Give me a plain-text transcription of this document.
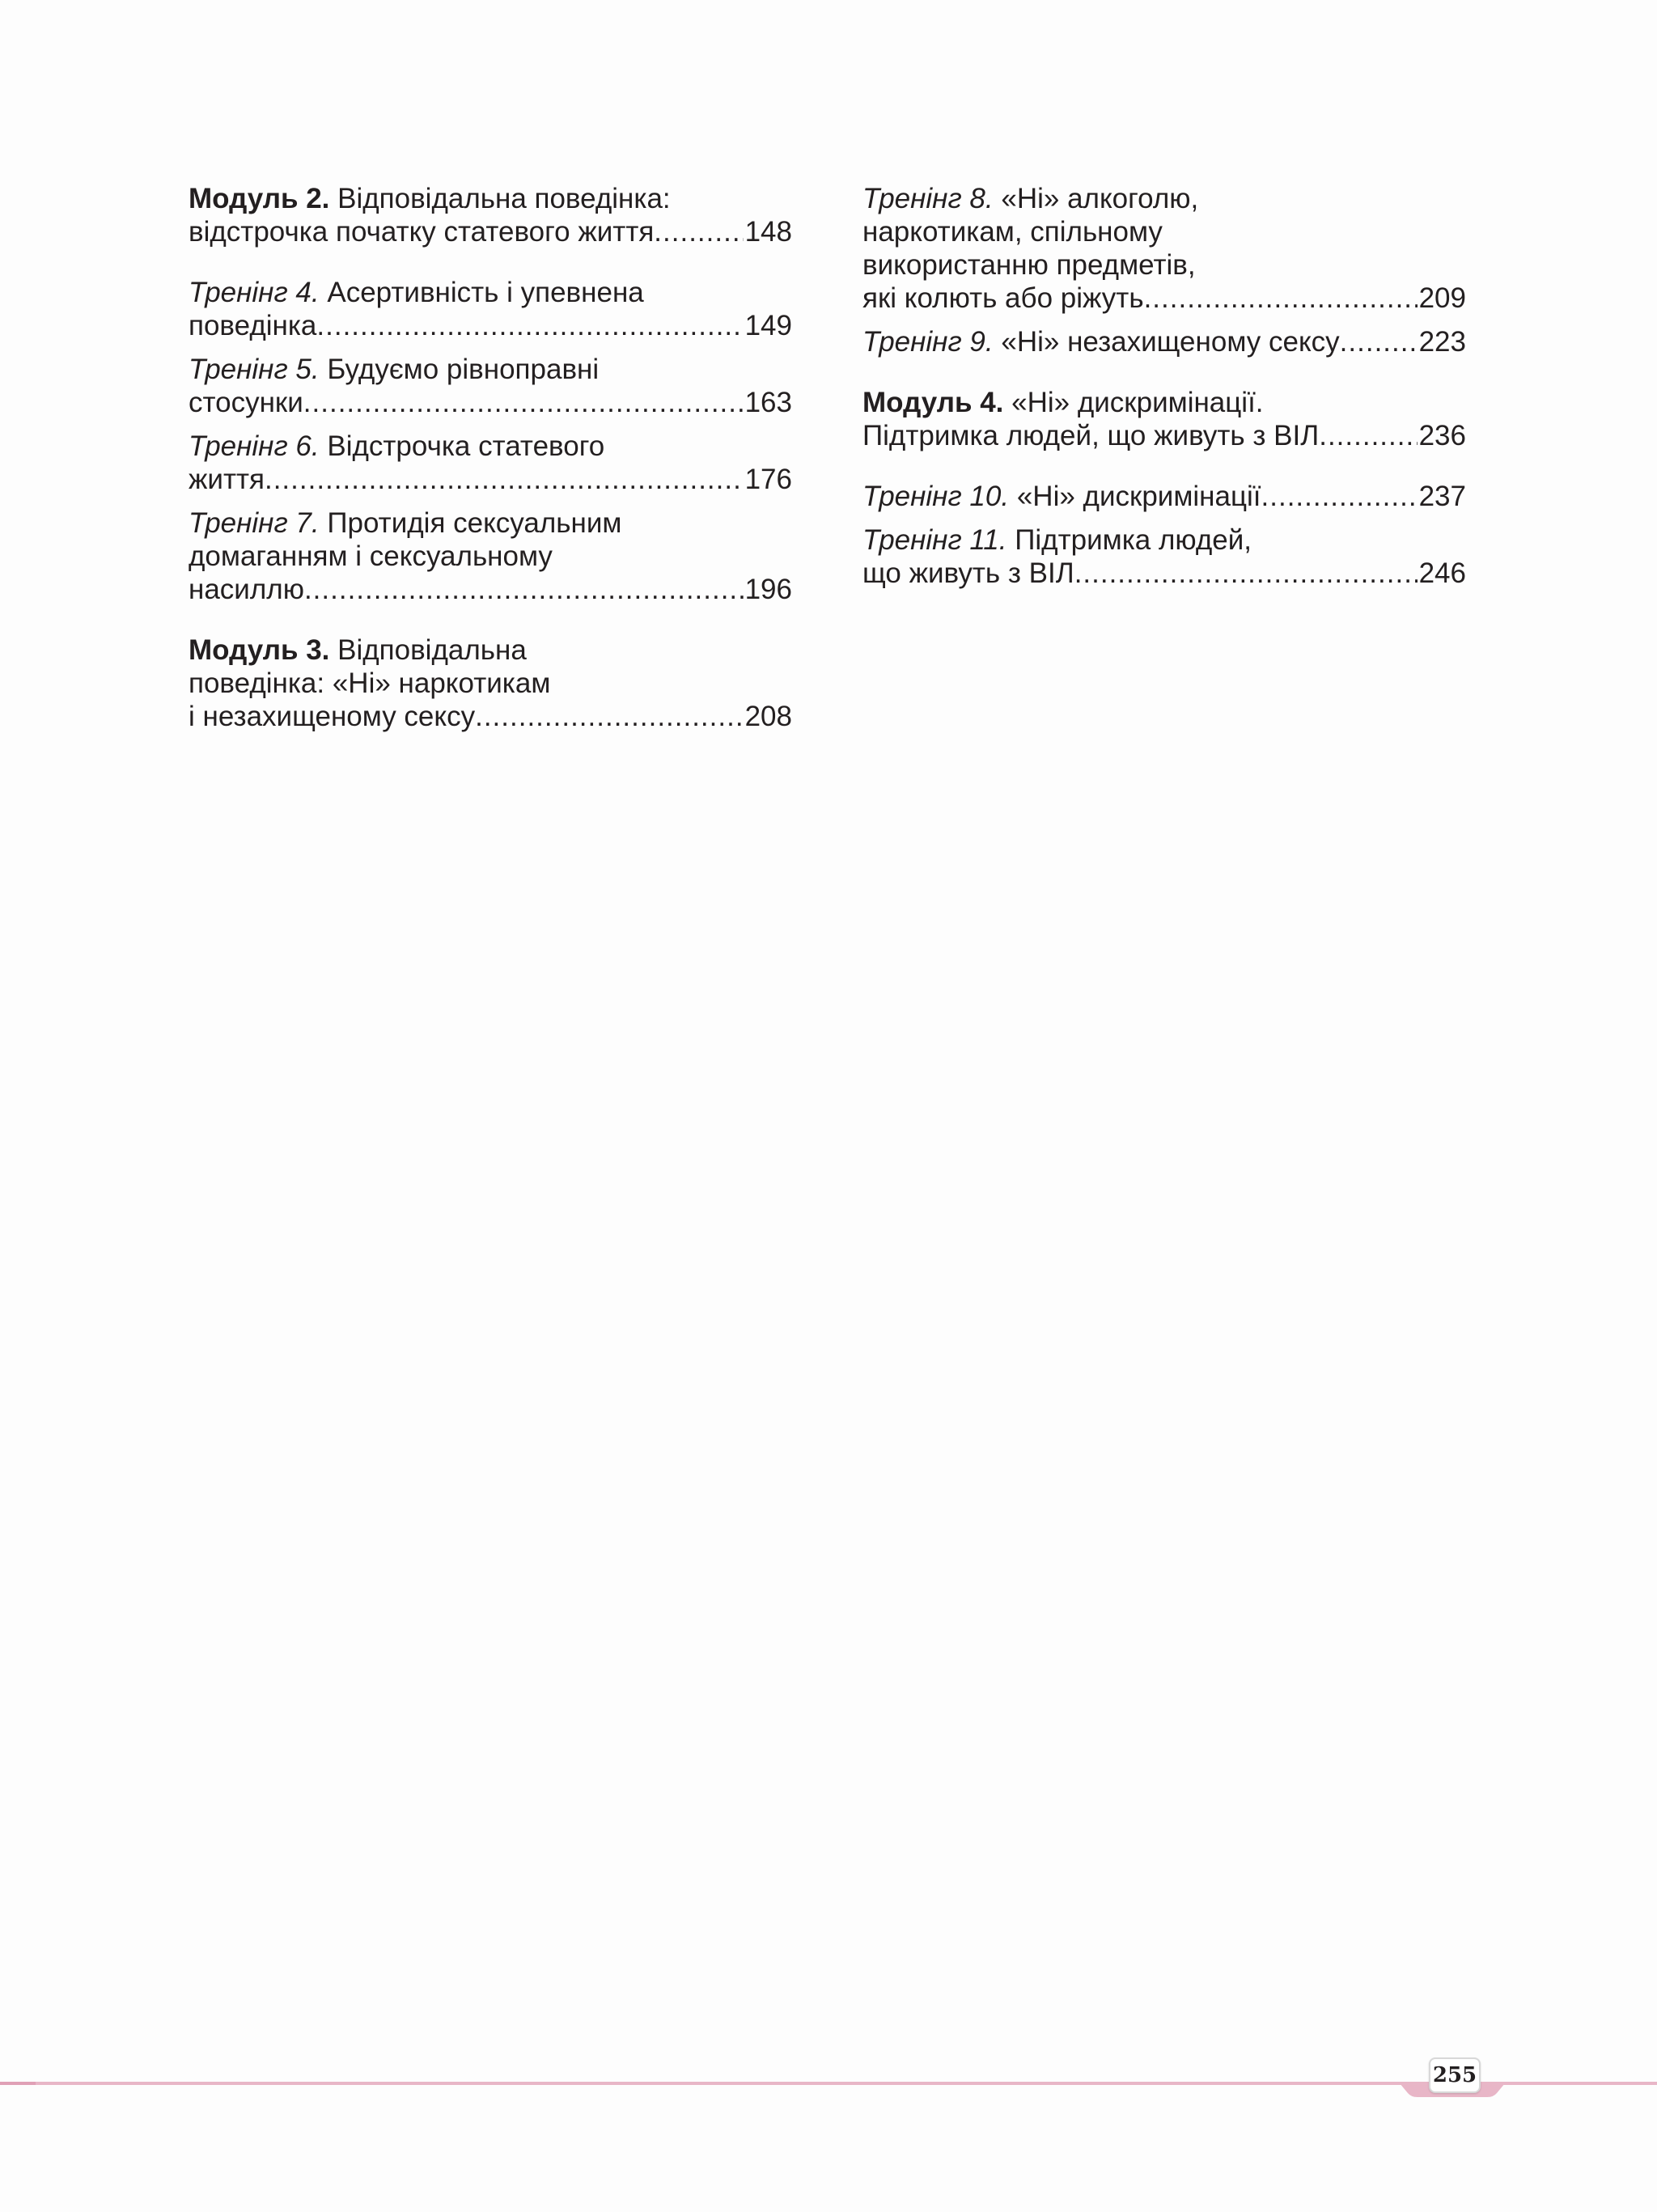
Модуль 2. Відповідальна поведінка:
відстрочка початку статевого життя .....	148
Тренінг 4. Асертивність і упевнена
поведінка .....	149
Тренінг 5. Будуємо рівноправні
стосунки .....	163
Тренінг 6. Відстрочка статевого
життя .....	176
Тренінг 7. Протидія сексуальним
домаганням і сексуальному
насиллю .....	196
Модуль 3. Відповідальна
поведінка: «Ні» наркотикам
і незахищеному сексу .....	208
Тренінг 8. «Ні» алкоголю,
наркотикам, спільному
використанню предметів,
які колють або ріжуть .....	209
Тренінг 9. «Ні» незахищеному сексу .....	223
Модуль 4. «Ні» дискримінації.
Підтримка людей, що живуть з ВІЛ .....	236
Тренінг 10. «Ні» дискримінації .....	237
Тренінг 11. Підтримка людей,
що живуть з ВІЛ .....	246
255
